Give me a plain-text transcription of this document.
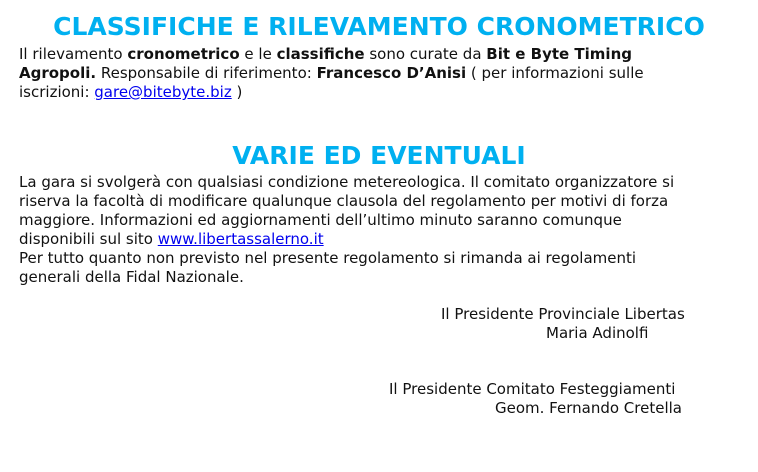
CLASSIFICHE E RILEVAMENTO CRONOMETRICO
Il rilevamento cronometrico e le classifiche sono curate da Bit e Byte Timing
Agropoli. Responsabile di riferimento: Francesco D’Anisi ( per informazioni sulle
iscrizioni: gare@bitebyte.biz )
VARIE ED EVENTUALI
La gara si svolgerà con qualsiasi condizione metereologica. Il comitato organizzatore si
riserva la facoltà di modificare qualunque clausola del regolamento per motivi di forza
maggiore. Informazioni ed aggiornamenti dell’ultimo minuto saranno comunque
disponibili sul sito www.libertassalerno.it
Per tutto quanto non previsto nel presente regolamento si rimanda ai regolamenti
generali della Fidal Nazionale.
Il Presidente Provinciale Libertas
Maria Adinolfi
Il Presidente Comitato Festeggiamenti
Geom. Fernando Cretella
